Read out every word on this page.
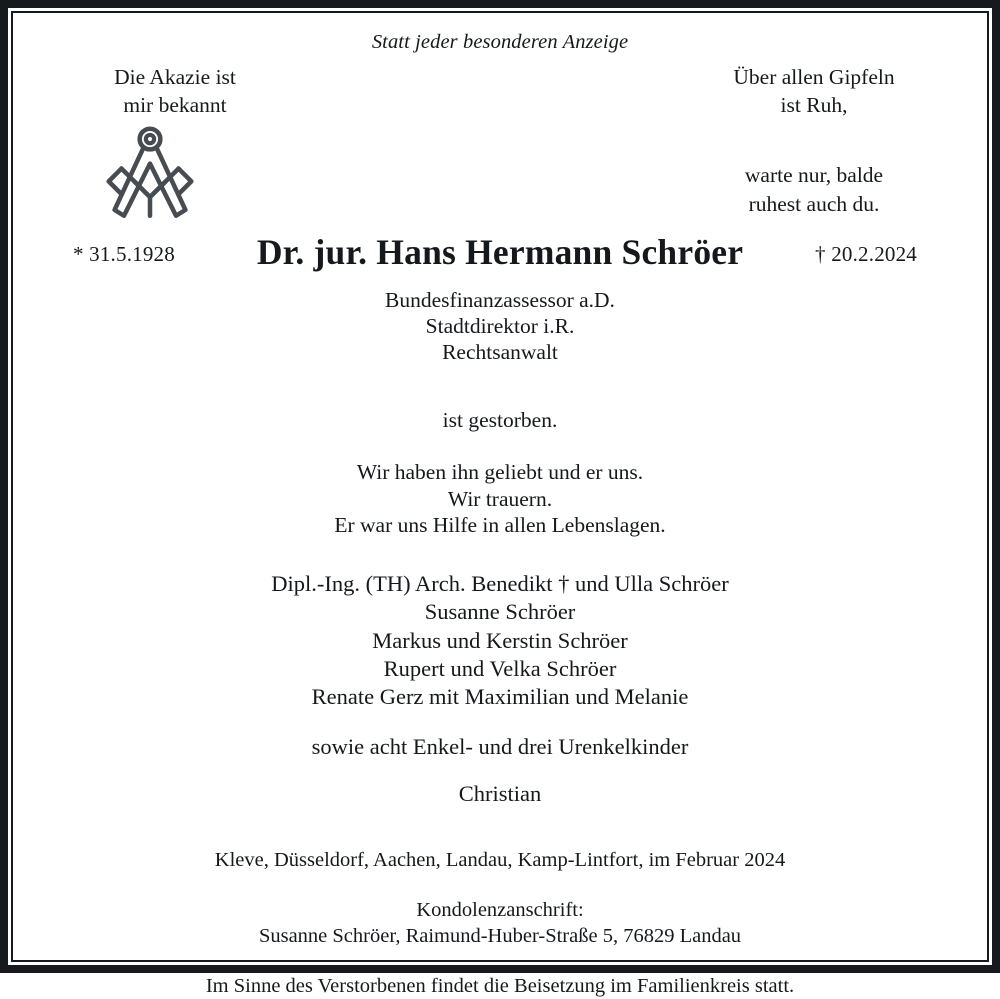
Statt jeder besonderen Anzeige
Die Akazie ist
mir bekannt
Über allen Gipfeln
ist Ruh,
warte nur, balde
ruhest auch du.
* 31.5.1928 Dr. jur. Hans Hermann Schröer	† 20.2.2024
Bundesfinanzassessor a.D.
Stadtdirektor i.R.
Rechtsanwalt
ist gestorben.
Wir haben ihn geliebt und er uns.
Wir trauern.
Er war uns Hilfe in allen Lebenslagen.
Dipl.-Ing. (TH) Arch. Benedikt † und Ulla Schröer
Susanne Schröer
Markus und Kerstin Schröer
Rupert und Velka Schröer
Renate Gerz mit Maximilian und Melanie
sowie acht Enkel- und drei Urenkelkinder
Christian
Kleve, Düsseldorf, Aachen, Landau, Kamp-Lintfort, im Februar 2024
Kondolenzanschrift:
Susanne Schröer, Raimund-Huber-Straße 5, 76829 Landau
Im Sinne des Verstorbenen findet die Beisetzung im Familienkreis statt.
